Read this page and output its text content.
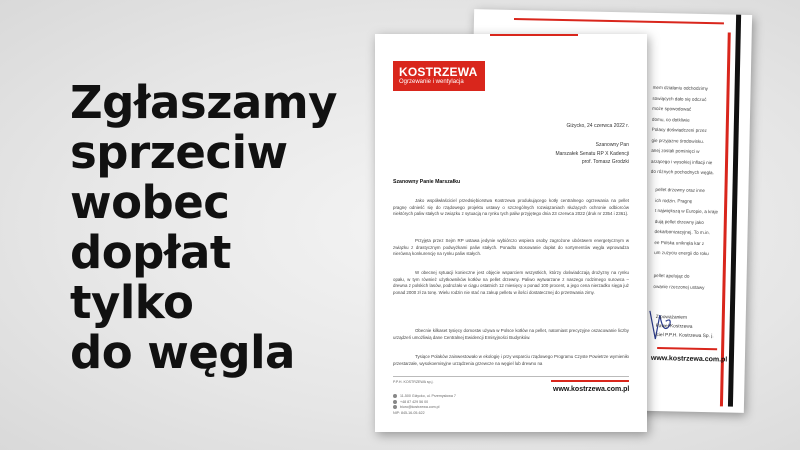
Zgłaszamy
sprzeciw
wobec
dopłat
tylko
do węgla
mem działaniu odchodzimy
sowiących dało się odczuć
może spowodować
domu, co dotkliwie
Polacy doświadczeni przez
gie przyjazne środowisku.
anej zostali pominięci w
arzącego i wysokiej inflacji nie
do różnych pochodnych węgla.
pellet drzewny oraz inne
ich rodzin. Pragnę
t największą w Europie, a kraje
dują pellet drzewny jako
dekarbonizacyjnej. To m.in.
ee Polska uniknęła kar z
um zużyciu energii do roku
pellet apelując do
owanie rzeczonej ustawy
Z poważaniem
Paweł Kostrzewa
iciel P.P.H. Kostrzewa Sp. j.
www.kostrzewa.com.pl
KOSTRZEWA
Ogrzewanie i wentylacja
Giżycko, 24 czerwca 2022 r.
Szanowny Pan
Marszałek Senatu RP X Kadencji
prof. Tomasz Grodzki
Szanowny Panie Marszałku
Jako współwłaściciel przedsiębiorstwa Kostrzewa produkującego kotły centralnego ogrzewania na pellet pragnę odnieść się do rządowego projektu ustawy o szczególnych rozwiązaniach służących ochronie odbiorców niektórych paliw stałych w związku z sytuacją na rynku tych paliw przyjętego dnia 23 czerwca 2022 (druk nr 2354 i 2361).
Przyjęta przez Sejm RP ustawa jedynie wybiórczo wspiera osoby zagrożone ubóstwem energetycznym w związku z drastycznym podwyżkami paliw stałych. Ponadto stosowanie dopłat do sortymentów węgla wprowadza nierówną konkurencję na rynku paliw stałych.
W obecnej sytuacji konieczne jest objęcie wsparciem wszystkich, którzy doświadczają drożyzny na rynku opału, w tym również użytkowników kotłów na pellet drzewny. Paliwo wytwarzane z naszego rodzimego surowca – drewna z polskich lasów, podrożało w ciągu ostatnich 12 miesięcy o ponad 100 procent, a jego cena nierzadko sięga już ponad 2000 zł za tonę. Wielu rodzin nie stać na zakup pelletu w ilości dostatecznej do przetrwania zimy.
Obecnie kilkaset tysięcy domostw używa w Polsce kotłów na pellet, natomiast precyzyjne oszacowanie liczby urządzeń umożliwią dane Centralnej Ewidencji Emisyjności Budynków.
Tysiące Polaków zainwestowało w ekologię i przy wsparciu rządowego Programu Czyste Powietrze wymieniło przestarzałe, wysokoemisyjne urządzenia grzewcze na węgiel lub drewno na
P.P.H. KOSTRZEWA sp.j.
www.kostrzewa.com.pl
11-500 Giżycko, ul. Przemysłowa 7
+48 87 429 56 00
biuro@kostrzewa.com.pl
NIP: 845-16-05-622
